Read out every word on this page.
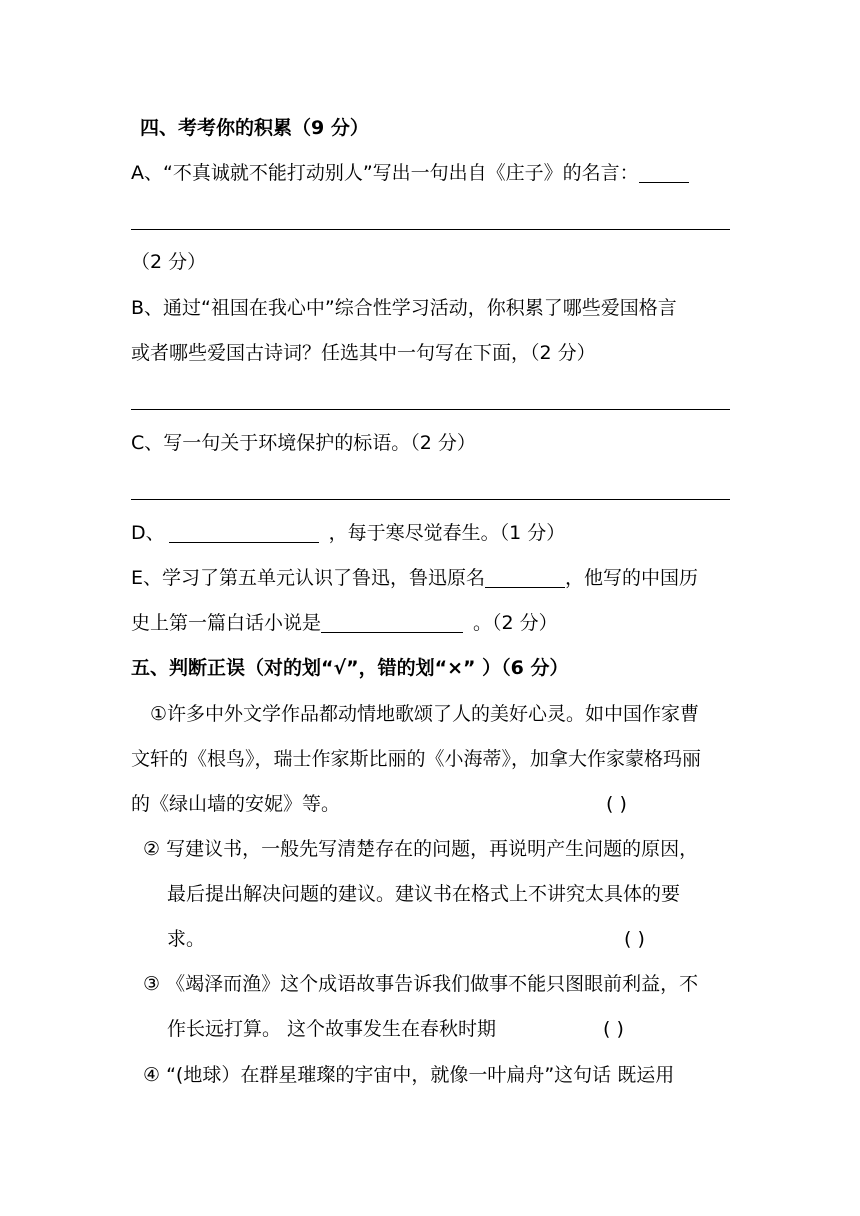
四、考考你的积累（9 分）
A、“不真诚就不能打动别人”写出一句出自《庄子》的名言：
（2 分）
B、通过“祖国在我心中”综合性学习活动，你积累了哪些爱国格言
或者哪些爱国古诗词？任选其中一句写在下面，（2 分）
C、写一句关于环境保护的标语。（2 分）
D、	，每于寒尽觉春生。（1 分）
E、学习了第五单元认识了鲁迅，鲁迅原名	，他写的中国历
史上第一篇白话小说是	。（2 分）
五、判断正误（对的划“√”，错的划“×” ）（6 分）
①许多中外文学作品都动情地歌颂了人的美好心灵。如中国作家曹
文轩的《根鸟》，瑞士作家斯比丽的《小海蒂》，加拿大作家蒙格玛丽
的《绿山墙的安妮》等。	( )
② 写建议书，一般先写清楚存在的问题，再说明产生问题的原因，
最后提出解决问题的建议。建议书在格式上不讲究太具体的要
求。	( )
③ 《竭泽而渔》这个成语故事告诉我们做事不能只图眼前利益，不
作长远打算。 这个故事发生在春秋时期	( )
④ “(地球）在群星璀璨的宇宙中，就像一叶扁舟”这句话 既运用
